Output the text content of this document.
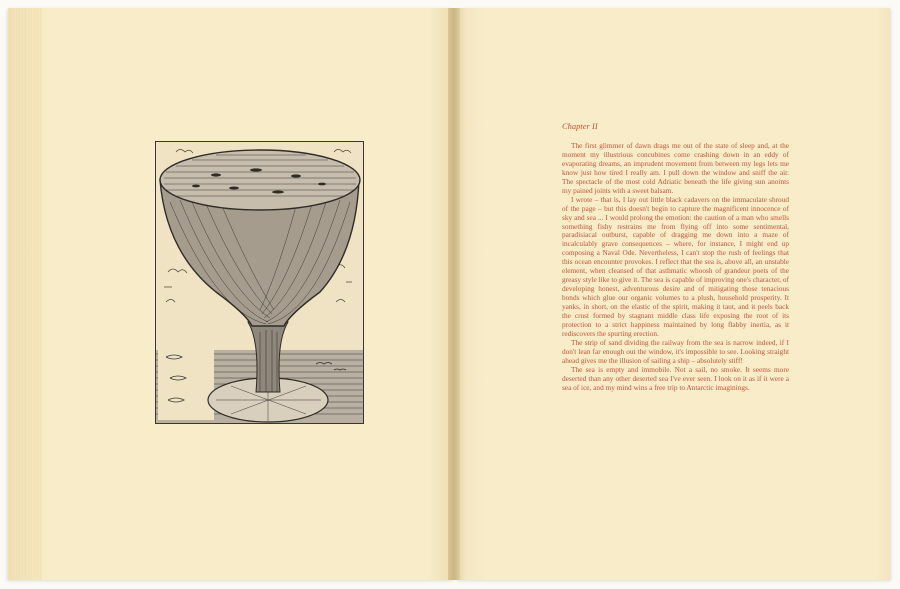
Chapter II

The first glimmer of dawn drags me out of the state of sleep and, at the moment my illustrious concubines come crashing down in an eddy of evaporating dreams, an imprudent movement from between my legs lets me know just how tired I really am. I pull down the window and sniff the air. The spectacle of the most cold Adriatic beneath the life giving sun anoints my pained joints with a sweet balsam.

I wrote – that is, I lay out little black cadavers on the immaculate shroud of the page – but this doesn't begin to capture the magnificent innocence of sky and sea ... I would prolong the emotion: the caution of a man who smells something fishy restrains me from flying off into some sentimental, paradisiacal outburst, capable of dragging me down into a maze of incalculably grave consequences – where, for instance, I might end up composing a Naval Ode. Nevertheless, I can't stop the rush of feelings that this ocean encounter provokes. I reflect that the sea is, above all, an unstable element, when cleansed of that asthmatic whoosh of grandeur poets of the greasy style like to give it. The sea is capable of improving one's character, of developing honest, adventurous desire and of mitigating those tenacious bonds which glue our organic volumes to a plush, household prosperity. It yanks, in short, on the elastic of the spirit, making it taut, and it peels back the crust formed by stagnant middle class life exposing the root of its protection to a strict happiness maintained by long flabby inertia, as it rediscovers the spurting erection.

The strip of sand dividing the railway from the sea is narrow indeed, if I don't lean far enough out the window, it's impossible to see. Looking straight ahead gives me the illusion of sailing a ship – absolutely stiff!

The sea is empty and immobile. Not a sail, no smoke. It seems more deserted than any other deserted sea I've ever seen. I look on it as if it were a sea of ice, and my mind wins a free trip to Antarctic imaginings.
